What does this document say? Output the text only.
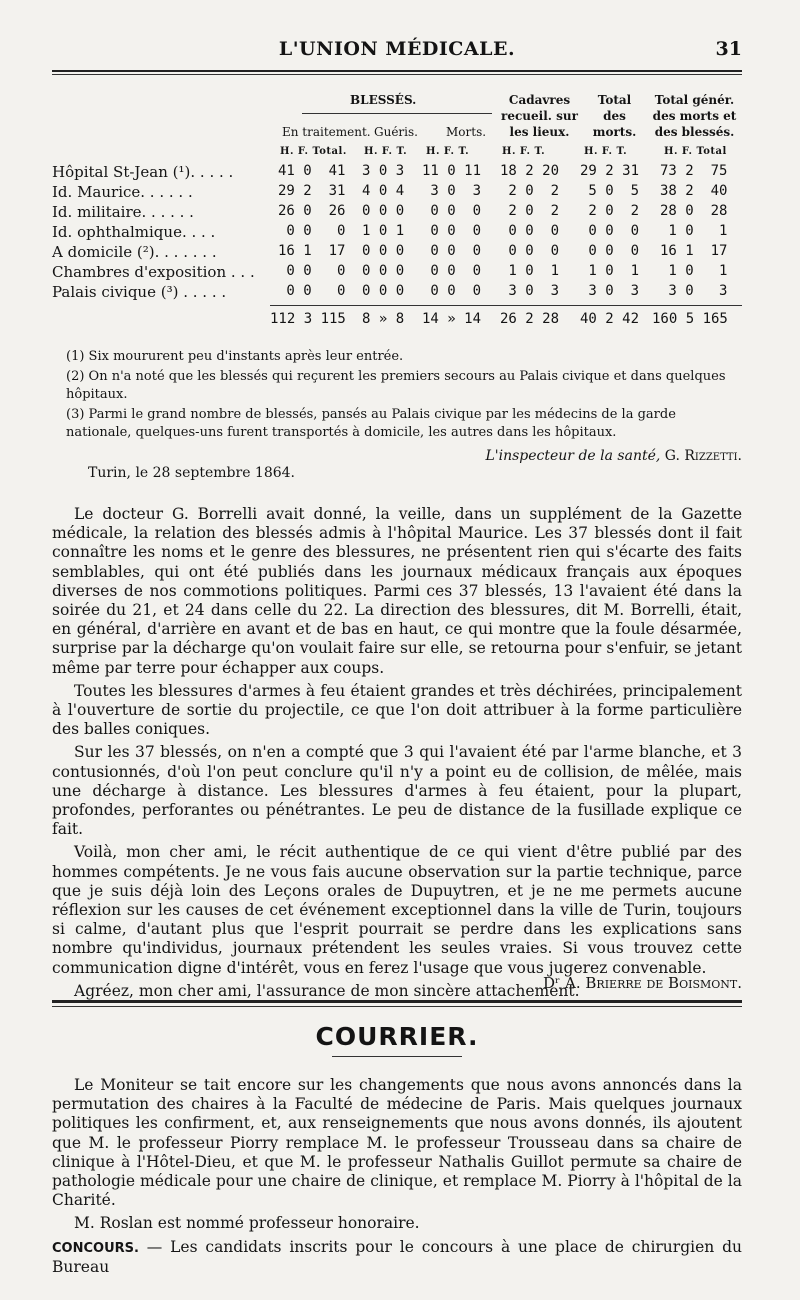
L'UNION MÉDICALE.	31
BLESSÉS.	Cadavres recueil. sur les lieux.
Total des morts.
Total génér. des morts et des blessés.
En traitement. Guéris. Morts.
H. F. Total. H. F. T. H. F. T.	H. F. T.	H. F. T.	H. F. Total
Hôpital St-Jean (¹). . . . .	41 0  41 3 0 3 11 0 11 18 2 20 29 2 31 73 2  75
Id. Maurice. . . . . .	29 2  31 4 0 4 3 0  3 2 0  2 5 0  5 38 2  40
Id. militaire. . . . . .	26 0  26 0 0 0 0 0  0 2 0  2 2 0  2 28 0  28
Id. ophthalmique. . . .	0 0   0 1 0 1 0 0  0 0 0  0 0 0  0 1 0   1
A domicile (²). . . . . . .	16 1  17 0 0 0 0 0  0 0 0  0 0 0  0 16 1  17
Chambres d'exposition . . . 0 0   0 0 0 0 0 0  0 1 0  1 1 0  1 1 0   1
Palais civique (³) . . . . .	0 0   0 0 0 0 0 0  0 3 0  3 3 0  3 3 0   3
112 3 115 8 » 8 14 » 14 26 2 28 40 2 42 160 5 165

(1) Six moururent peu d'instants après leur entrée.

(2) On n'a noté que les blessés qui reçurent les premiers secours au Palais civique et dans quelques hôpitaux.

(3) Parmi le grand nombre de blessés, pansés au Palais civique par les médecins de la garde nationale, quelques-uns furent transportés à domicile, les autres dans les hôpitaux.

L'inspecteur de la santé, G. Rizzetti.
Turin, le 28 septembre 1864.

Le docteur G. Borrelli avait donné, la veille, dans un supplément de la Gazette médicale, la relation des blessés admis à l'hôpital Maurice. Les 37 blessés dont il fait connaître les noms et le genre des blessures, ne présentent rien qui s'écarte des faits semblables, qui ont été publiés dans les journaux médicaux français aux époques diverses de nos commotions politiques. Parmi ces 37 blessés, 13 l'avaient été dans la soirée du 21, et 24 dans celle du 22. La direction des blessures, dit M. Borrelli, était, en général, d'arrière en avant et de bas en haut, ce qui montre que la foule désarmée, surprise par la décharge qu'on voulait faire sur elle, se retourna pour s'enfuir, se jetant même par terre pour échapper aux coups.

Toutes les blessures d'armes à feu étaient grandes et très déchirées, principalement à l'ouverture de sortie du projectile, ce que l'on doit attribuer à la forme particulière des balles coniques.

Sur les 37 blessés, on n'en a compté que 3 qui l'avaient été par l'arme blanche, et 3 contusionnés, d'où l'on peut conclure qu'il n'y a point eu de collision, de mêlée, mais une décharge à distance. Les blessures d'armes à feu étaient, pour la plupart, profondes, perforantes ou pénétrantes. Le peu de distance de la fusillade explique ce fait.

Voilà, mon cher ami, le récit authentique de ce qui vient d'être publié par des hommes compétents. Je ne vous fais aucune observation sur la partie technique, parce que je suis déjà loin des Leçons orales de Dupuytren, et je ne me permets aucune réflexion sur les causes de cet événement exceptionnel dans la ville de Turin, toujours si calme, d'autant plus que l'esprit pourrait se perdre dans les explications sans nombre qu'individus, journaux prétendent les seules vraies. Si vous trouvez cette communication digne d'intérêt, vous en ferez l'usage que vous jugerez convenable.

Agréez, mon cher ami, l'assurance de mon sincère attachement.

Dʳ A. Brierre de Boismont.
COURRIER.

Le Moniteur se tait encore sur les changements que nous avons annoncés dans la permutation des chaires à la Faculté de médecine de Paris. Mais quelques journaux politiques les confirment, et, aux renseignements que nous avons donnés, ils ajoutent que M. le professeur Piorry remplace M. le professeur Trousseau dans sa chaire de clinique à l'Hôtel-Dieu, et que M. le professeur Nathalis Guillot permute sa chaire de pathologie médicale pour une chaire de clinique, et remplace M. Piorry à l'hôpital de la Charité.

M. Roslan est nommé professeur honoraire.

CONCOURS. — Les candidats inscrits pour le concours à une place de chirurgien du Bureau
